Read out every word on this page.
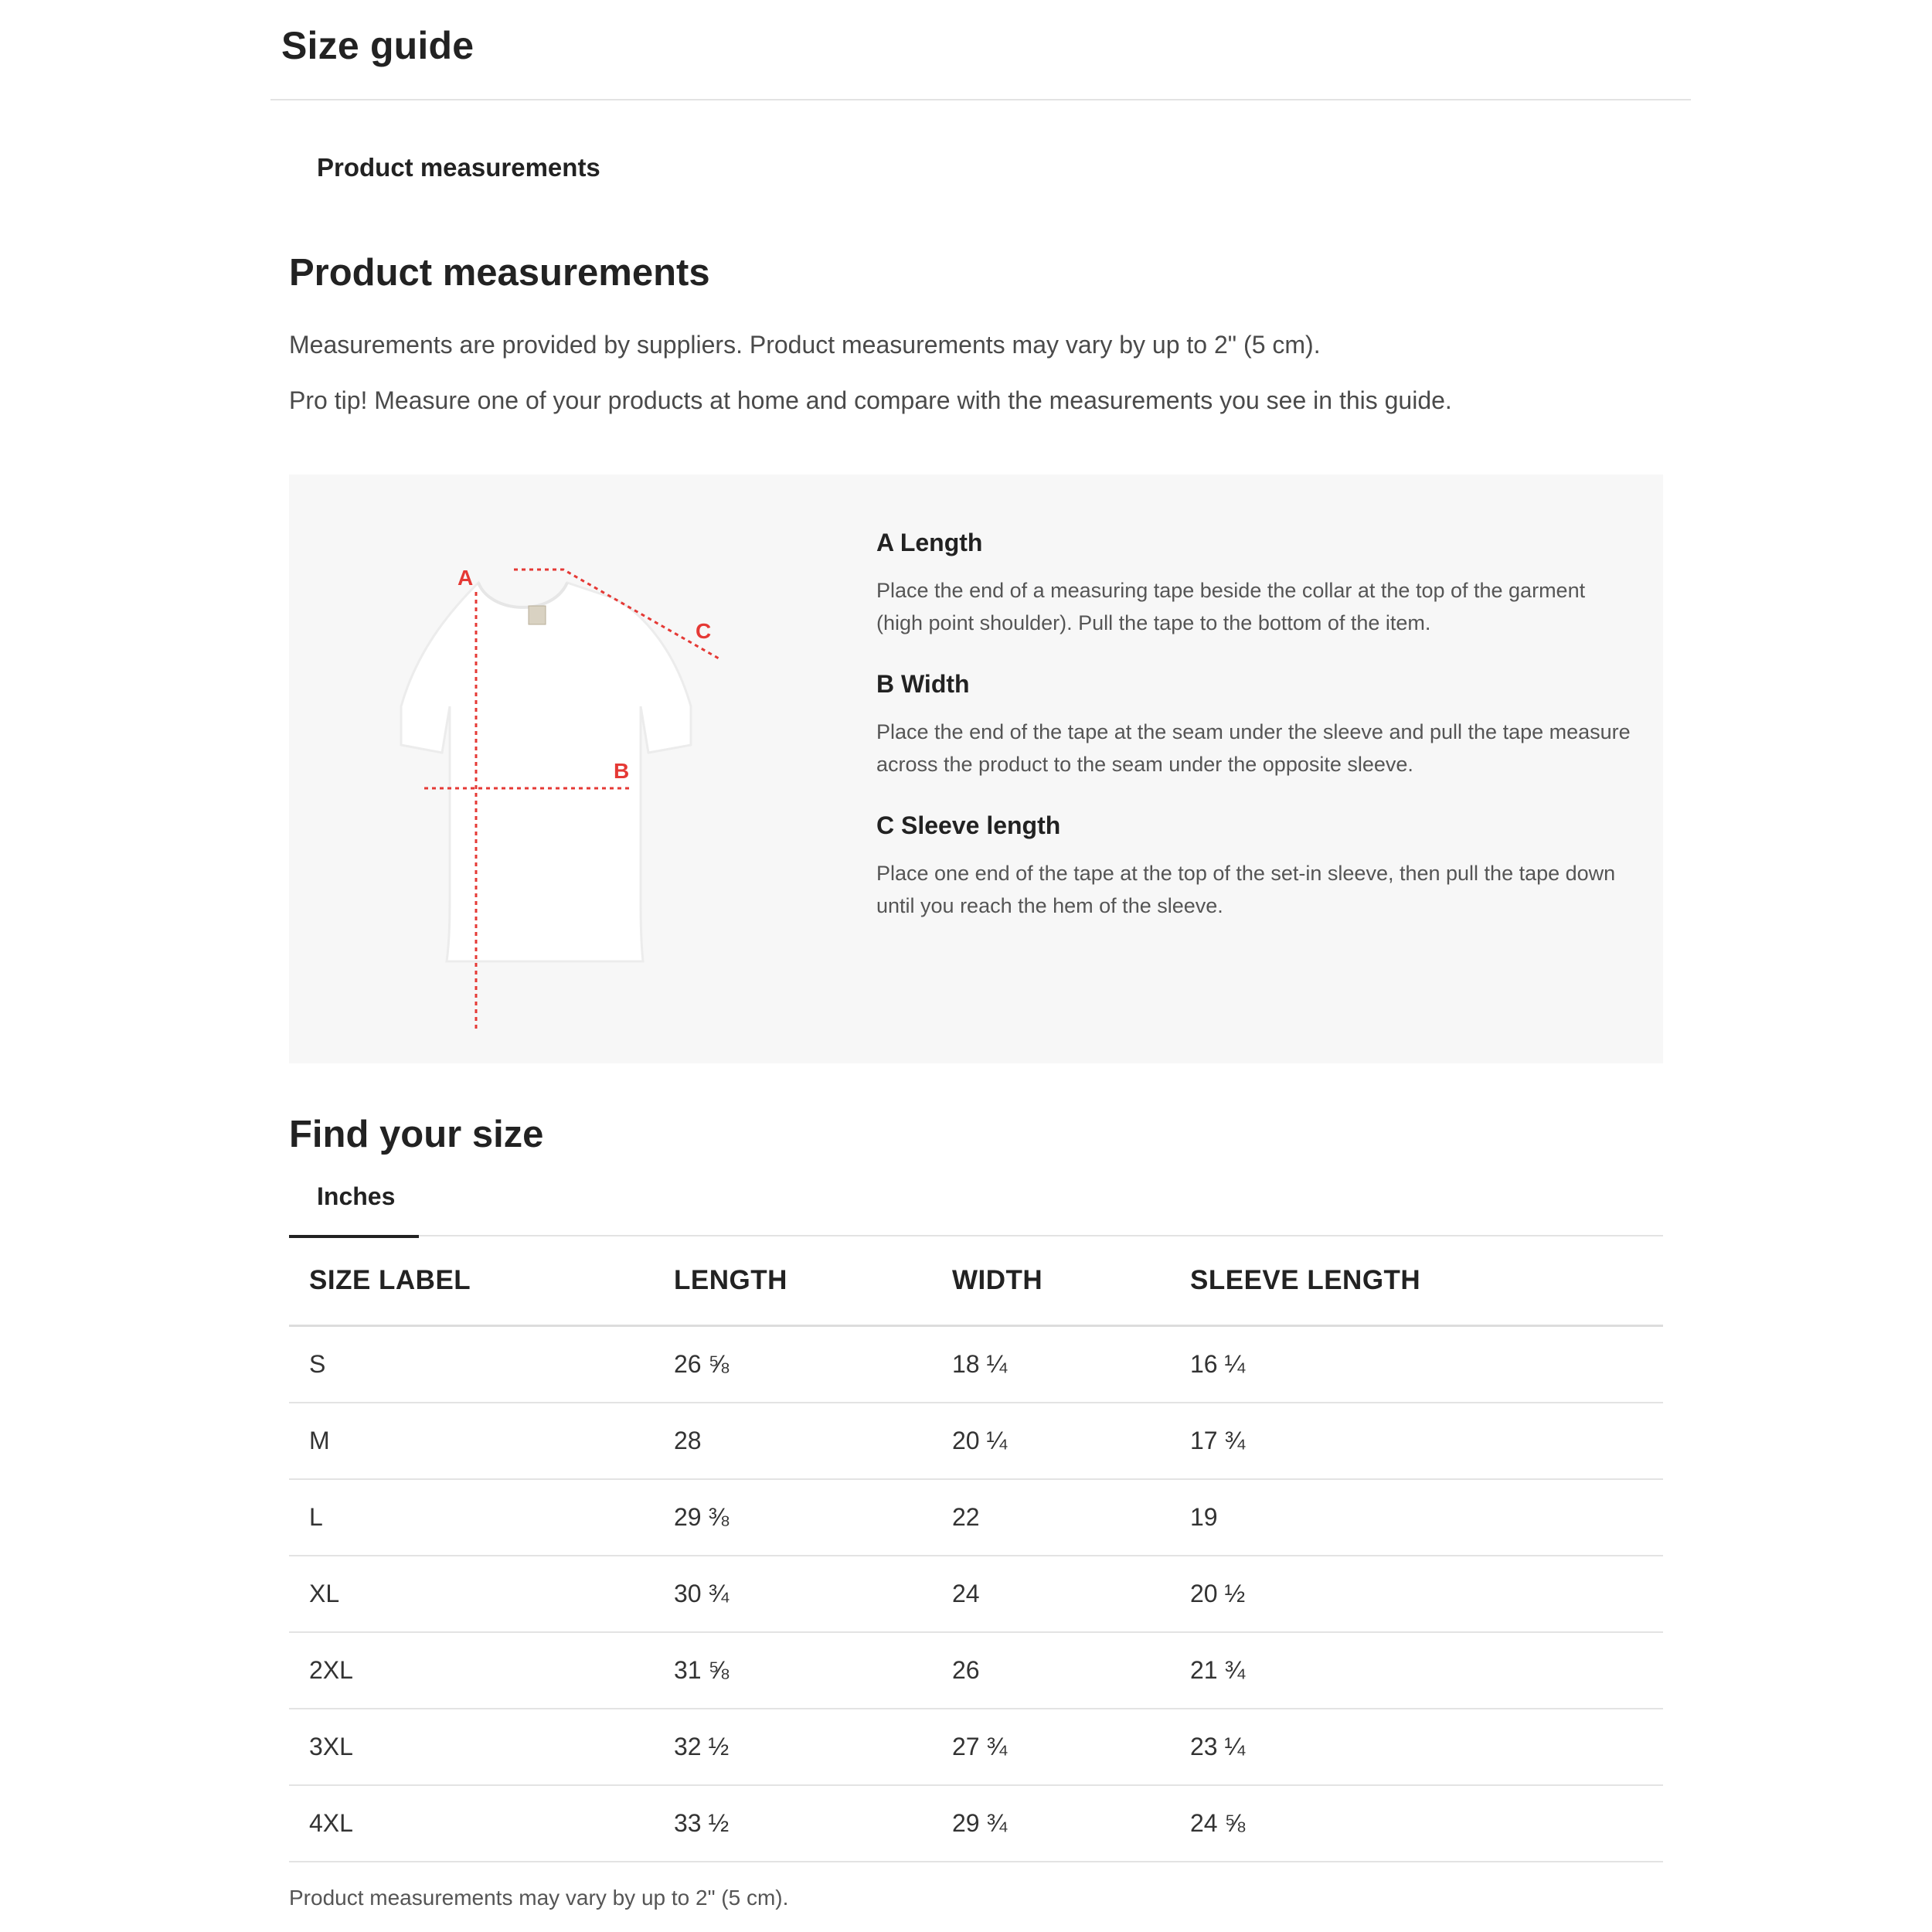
Size guide
Product measurements
Product measurements

Measurements are provided by suppliers. Product measurements may vary by up to 2" (5 cm).

Pro tip! Measure one of your products at home and compare with the measurements you see in this guide.

A
B
C
A Length
Place the end of a measuring tape beside the collar at the top of the garment (high point shoulder). Pull the tape to the bottom of the item.
B Width
Place the end of the tape at the seam under the sleeve and pull the tape measure across the product to the seam under the opposite sleeve.
C Sleeve length
Place one end of the tape at the top of the set-in sleeve, then pull the tape down until you reach the hem of the sleeve.
Find your size
Inches
SIZE LABEL	LENGTH	WIDTH	SLEEVE LENGTH
S	26 ⅝	18 ¼	16 ¼
M	28	20 ¼	17 ¾
L	29 ⅜	22	19
XL	30 ¾	24	20 ½
2XL	31 ⅝	26	21 ¾
3XL	32 ½	27 ¾	23 ¼
4XL	33 ½	29 ¾	24 ⅝

Product measurements may vary by up to 2" (5 cm).
